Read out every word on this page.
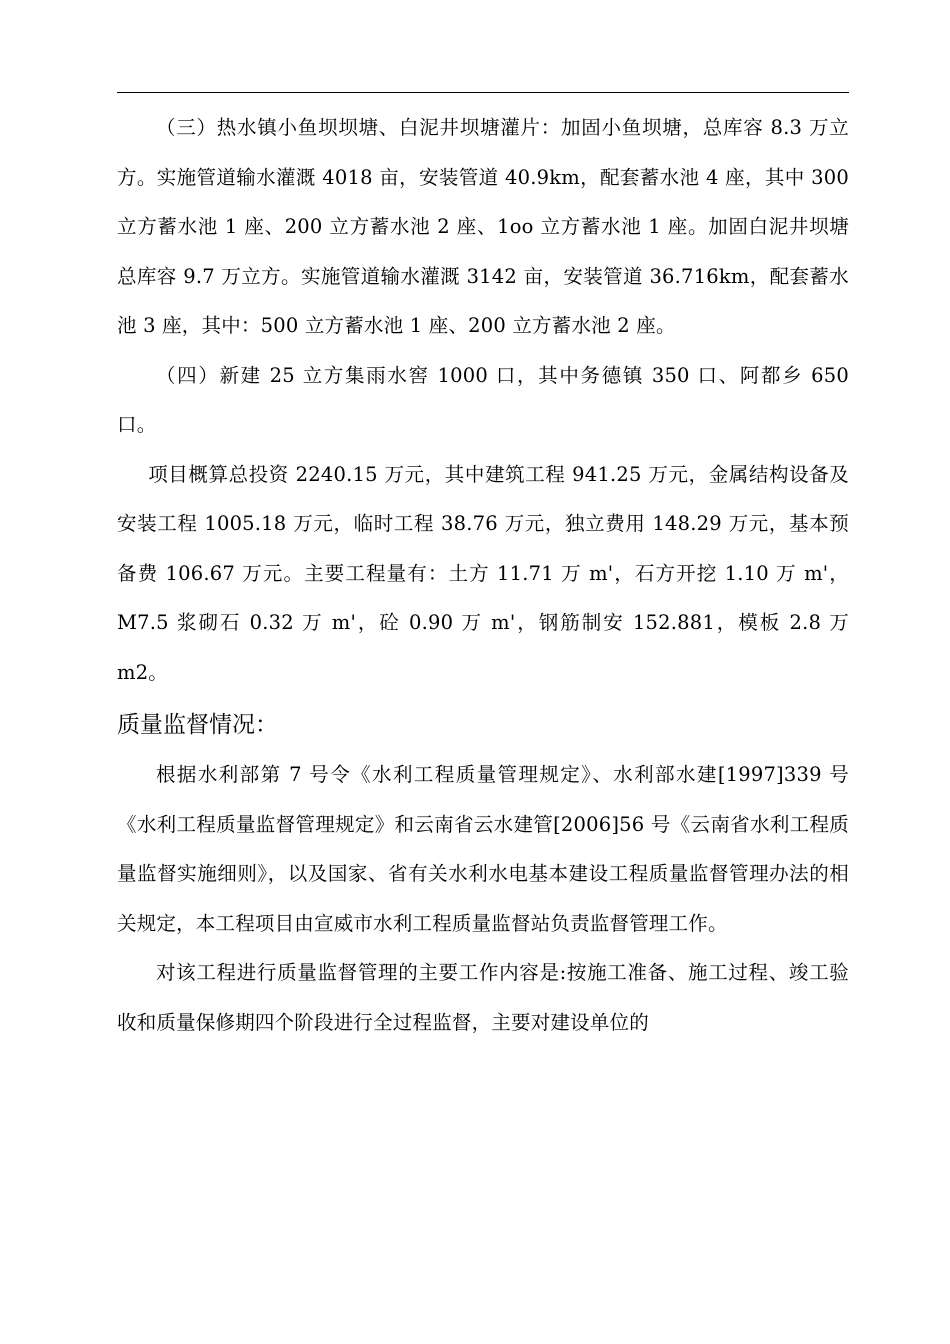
（三）热水镇小鱼坝坝塘、白泥井坝塘灌片：加固小鱼坝塘，总库容 8.3 万立方。实施管道输水灌溉 4018 亩，安装管道 40.9km，配套蓄水池 4 座，其中 300 立方蓄水池 1 座、200 立方蓄水池 2 座、1oo 立方蓄水池 1 座。加固白泥井坝塘总库容 9.7 万立方。实施管道输水灌溉 3142 亩，安装管道 36.716km，配套蓄水池 3 座，其中：500 立方蓄水池 1 座、200 立方蓄水池 2 座。

（四）新建 25 立方集雨水窖 1000 口，其中务德镇 350 口、阿都乡 650 口。

项目概算总投资 2240.15 万元，其中建筑工程 941.25 万元，金属结构设备及安装工程 1005.18 万元，临时工程 38.76 万元，独立费用 148.29 万元，基本预备费 106.67 万元。主要工程量有：土方 11.71 万 m'，石方开挖 1.10 万 m'，M7.5 浆砌石 0.32 万 m'，砼 0.90 万 m'，钢筋制安 152.881，模板 2.8 万 m2。

质量监督情况：

根据水利部第 7 号令《水利工程质量管理规定》、水利部水建[1997]339 号《水利工程质量监督管理规定》和云南省云水建管[2006]56 号《云南省水利工程质量监督实施细则》，以及国家、省有关水利水电基本建设工程质量监督管理办法的相关规定，本工程项目由宣威市水利工程质量监督站负责监督管理工作。

对该工程进行质量监督管理的主要工作内容是:按施工准备、施工过程、竣工验收和质量保修期四个阶段进行全过程监督，主要对建设单位的
